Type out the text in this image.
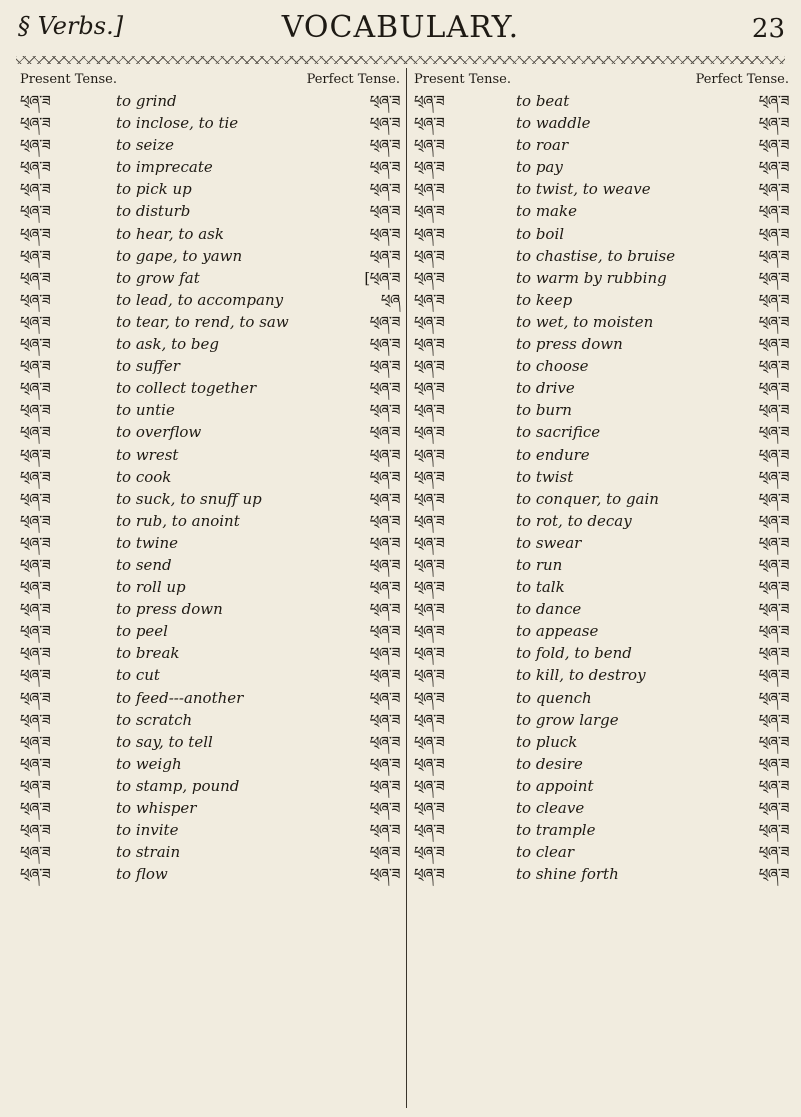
§ Verbs.]	VOCABULARY.	23
Present Tense.	Perfect Tense.
ཕ྄ཞ་ཟ	to grind	ཕ྄ཞ་ཟ
ཕ྄ཞ་ཟ	to inclose, to tie	ཕ྄ཞ་ཟ
ཕ྄ཞ་ཟ	to seize	ཕ྄ཞ་ཟ
ཕ྄ཞ་ཟ	to imprecate	ཕ྄ཞ་ཟ
ཕ྄ཞ་ཟ	to pick up	ཕ྄ཞ་ཟ
ཕ྄ཞ་ཟ	to disturb	ཕ྄ཞ་ཟ
ཕ྄ཞ་ཟ	to hear, to ask	ཕ྄ཞ་ཟ
ཕ྄ཞ་ཟ	to gape, to yawn	ཕ྄ཞ་ཟ
ཕ྄ཞ་ཟ	to grow fat	[ཕ྄ཞ་ཟ
ཕ྄ཞ་ཟ	to lead, to accompany	ཕ྄ཞ
ཕ྄ཞ་ཟ	to tear, to rend, to saw	ཕ྄ཞ་ཟ
ཕ྄ཞ་ཟ	to ask, to beg	ཕ྄ཞ་ཟ
ཕ྄ཞ་ཟ	to suffer	ཕ྄ཞ་ཟ
ཕ྄ཞ་ཟ	to collect together	ཕ྄ཞ་ཟ
ཕ྄ཞ་ཟ	to untie	ཕ྄ཞ་ཟ
ཕ྄ཞ་ཟ	to overflow	ཕ྄ཞ་ཟ
ཕ྄ཞ་ཟ	to wrest	ཕ྄ཞ་ཟ
ཕ྄ཞ་ཟ	to cook	ཕ྄ཞ་ཟ
ཕ྄ཞ་ཟ	to suck, to snuff up	ཕ྄ཞ་ཟ
ཕ྄ཞ་ཟ	to rub, to anoint	ཕ྄ཞ་ཟ
ཕ྄ཞ་ཟ	to twine	ཕ྄ཞ་ཟ
ཕ྄ཞ་ཟ	to send	ཕ྄ཞ་ཟ
ཕ྄ཞ་ཟ	to roll up	ཕ྄ཞ་ཟ
ཕ྄ཞ་ཟ	to press down	ཕ྄ཞ་ཟ
ཕ྄ཞ་ཟ	to peel	ཕ྄ཞ་ཟ
ཕ྄ཞ་ཟ	to break	ཕ྄ཞ་ཟ
ཕ྄ཞ་ཟ	to cut	ཕ྄ཞ་ཟ
ཕ྄ཞ་ཟ	to feed---another	ཕ྄ཞ་ཟ
ཕ྄ཞ་ཟ	to scratch	ཕ྄ཞ་ཟ
ཕ྄ཞ་ཟ	to say, to tell	ཕ྄ཞ་ཟ
ཕ྄ཞ་ཟ	to weigh	ཕ྄ཞ་ཟ
ཕ྄ཞ་ཟ	to stamp, pound	ཕ྄ཞ་ཟ
ཕ྄ཞ་ཟ	to whisper	ཕ྄ཞ་ཟ
ཕ྄ཞ་ཟ	to invite	ཕ྄ཞ་ཟ
ཕ྄ཞ་ཟ	to strain	ཕ྄ཞ་ཟ
ཕ྄ཞ་ཟ	to flow	ཕ྄ཞ་ཟ
Present Tense.	Perfect Tense.
ཕ྄ཞ་ཟ	to beat	ཕ྄ཞ་ཟ
ཕ྄ཞ་ཟ	to waddle	ཕ྄ཞ་ཟ
ཕ྄ཞ་ཟ	to roar	ཕ྄ཞ་ཟ
ཕ྄ཞ་ཟ	to pay	ཕ྄ཞ་ཟ
ཕ྄ཞ་ཟ	to twist, to weave	ཕ྄ཞ་ཟ
ཕ྄ཞ་ཟ	to make	ཕ྄ཞ་ཟ
ཕ྄ཞ་ཟ	to boil	ཕ྄ཞ་ཟ
ཕ྄ཞ་ཟ	to chastise, to bruise	ཕ྄ཞ་ཟ
ཕ྄ཞ་ཟ	to warm by rubbing	ཕ྄ཞ་ཟ
ཕ྄ཞ་ཟ	to keep	ཕ྄ཞ་ཟ
ཕ྄ཞ་ཟ	to wet, to moisten	ཕ྄ཞ་ཟ
ཕ྄ཞ་ཟ	to press down	ཕ྄ཞ་ཟ
ཕ྄ཞ་ཟ	to choose	ཕ྄ཞ་ཟ
ཕ྄ཞ་ཟ	to drive	ཕ྄ཞ་ཟ
ཕ྄ཞ་ཟ	to burn	ཕ྄ཞ་ཟ
ཕ྄ཞ་ཟ	to sacrifice	ཕ྄ཞ་ཟ
ཕ྄ཞ་ཟ	to endure	ཕ྄ཞ་ཟ
ཕ྄ཞ་ཟ	to twist	ཕ྄ཞ་ཟ
ཕ྄ཞ་ཟ	to conquer, to gain	ཕ྄ཞ་ཟ
ཕ྄ཞ་ཟ	to rot, to decay	ཕ྄ཞ་ཟ
ཕ྄ཞ་ཟ	to swear	ཕ྄ཞ་ཟ
ཕ྄ཞ་ཟ	to run	ཕ྄ཞ་ཟ
ཕ྄ཞ་ཟ	to talk	ཕ྄ཞ་ཟ
ཕ྄ཞ་ཟ	to dance	ཕ྄ཞ་ཟ
ཕ྄ཞ་ཟ	to appease	ཕ྄ཞ་ཟ
ཕ྄ཞ་ཟ	to fold, to bend	ཕ྄ཞ་ཟ
ཕ྄ཞ་ཟ	to kill, to destroy	ཕ྄ཞ་ཟ
ཕ྄ཞ་ཟ	to quench	ཕ྄ཞ་ཟ
ཕ྄ཞ་ཟ	to grow large	ཕ྄ཞ་ཟ
ཕ྄ཞ་ཟ	to pluck	ཕ྄ཞ་ཟ
ཕ྄ཞ་ཟ	to desire	ཕ྄ཞ་ཟ
ཕ྄ཞ་ཟ	to appoint	ཕ྄ཞ་ཟ
ཕ྄ཞ་ཟ	to cleave	ཕ྄ཞ་ཟ
ཕ྄ཞ་ཟ	to trample	ཕ྄ཞ་ཟ
ཕ྄ཞ་ཟ	to clear	ཕ྄ཞ་ཟ
ཕ྄ཞ་ཟ	to shine forth	ཕ྄ཞ་ཟ
